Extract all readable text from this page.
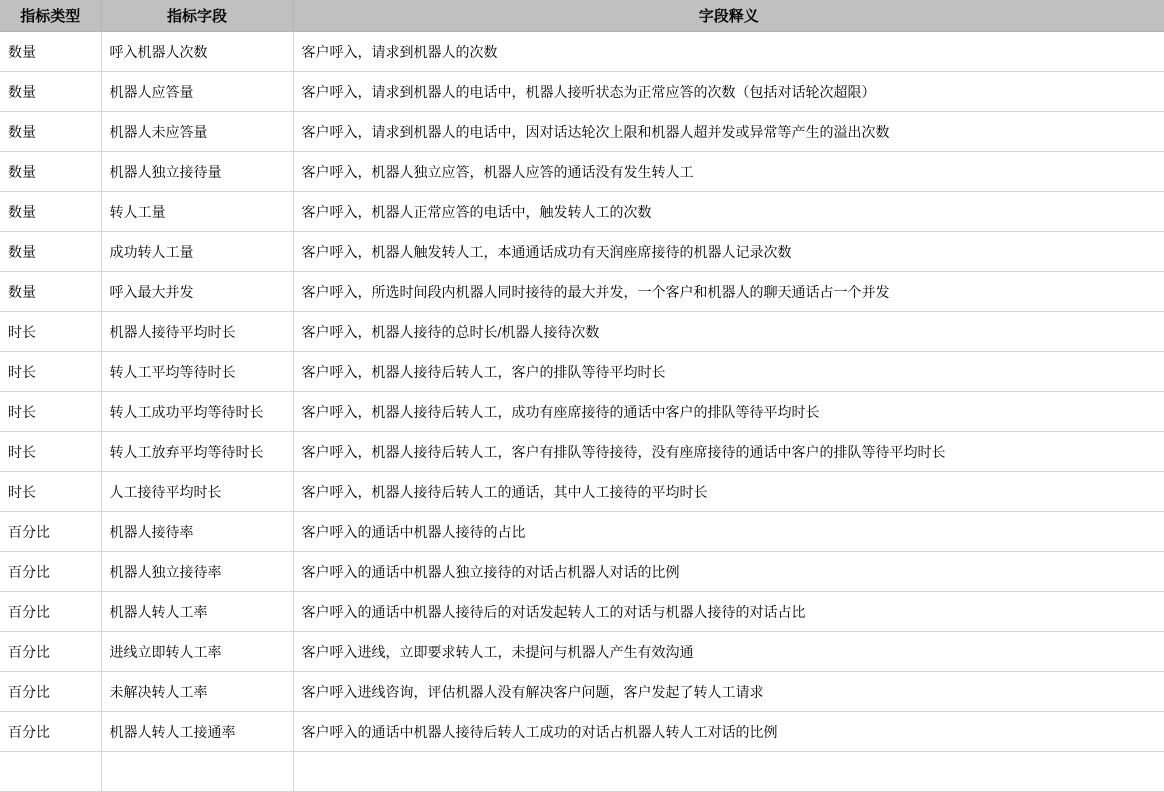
指标类型	指标字段	字段释义
数量	呼入机器人次数	客户呼入，请求到机器人的次数
数量	机器人应答量	客户呼入，请求到机器人的电话中，机器人接听状态为正常应答的次数（包括对话轮次超限）
数量	机器人未应答量	客户呼入，请求到机器人的电话中，因对话达轮次上限和机器人超并发或异常等产生的溢出次数
数量	机器人独立接待量	客户呼入，机器人独立应答，机器人应答的通话没有发生转人工
数量	转人工量	客户呼入，机器人正常应答的电话中，触发转人工的次数
数量	成功转人工量	客户呼入，机器人触发转人工，本通通话成功有天润座席接待的机器人记录次数
数量	呼入最大并发	客户呼入，所选时间段内机器人同时接待的最大并发，一个客户和机器人的聊天通话占一个并发
时长	机器人接待平均时长	客户呼入，机器人接待的总时长/机器人接待次数
时长	转人工平均等待时长	客户呼入，机器人接待后转人工，客户的排队等待平均时长
时长	转人工成功平均等待时长	客户呼入，机器人接待后转人工，成功有座席接待的通话中客户的排队等待平均时长
时长	转人工放弃平均等待时长	客户呼入，机器人接待后转人工，客户有排队等待接待，没有座席接待的通话中客户的排队等待平均时长
时长	人工接待平均时长	客户呼入，机器人接待后转人工的通话，其中人工接待的平均时长
百分比	机器人接待率	客户呼入的通话中机器人接待的占比
百分比	机器人独立接待率	客户呼入的通话中机器人独立接待的对话占机器人对话的比例
百分比	机器人转人工率	客户呼入的通话中机器人接待后的对话发起转人工的对话与机器人接待的对话占比
百分比	进线立即转人工率	客户呼入进线，立即要求转人工，未提问与机器人产生有效沟通
百分比	未解决转人工率	客户呼入进线咨询，评估机器人没有解决客户问题，客户发起了转人工请求
百分比	机器人转人工接通率	客户呼入的通话中机器人接待后转人工成功的对话占机器人转人工对话的比例
